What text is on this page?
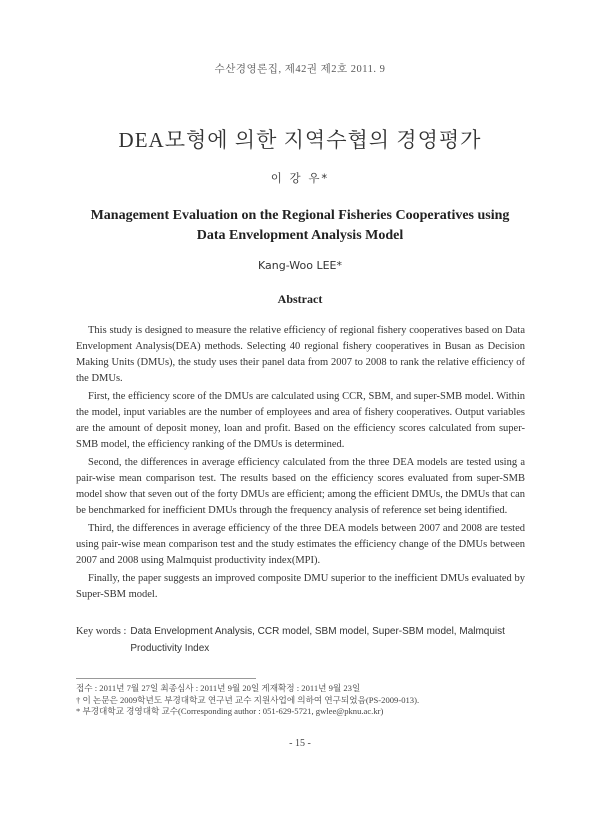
수산경영론집, 제42권 제2호 2011. 9
DEA모형에 의한 지역수협의 경영평가
이 강 우*
Management Evaluation on the Regional Fisheries Cooperatives using
Data Envelopment Analysis Model
Kang-Woo LEE*
Abstract

This study is designed to measure the relative efficiency of regional fishery cooperatives based on Data Envelopment Analysis(DEA) methods. Selecting 40 regional fishery cooperatives in Busan as Decision Making Units (DMUs), the study uses their panel data from 2007 to 2008 to rank the relative efficiency of the DMUs.

First, the efficiency score of the DMUs are calculated using CCR, SBM, and super-SMB model. Within the model, input variables are the number of employees and area of fishery cooperatives. Output variables are the amount of deposit money, loan and profit. Based on the efficiency scores calculated from super-SMB model, the efficiency ranking of the DMUs is determined.

Second, the differences in average efficiency calculated from the three DEA models are tested using a pair-wise mean comparison test. The results based on the efficiency scores evaluated from super-SMB model show that seven out of the forty DMUs are efficient; among the efficient DMUs, the DMUs that can be benchmarked for inefficient DMUs through the frequency analysis of reference set being identified.

Third, the differences in average efficiency of the three DEA models between 2007 and 2008 are tested using pair-wise mean comparison test and the study estimates the efficiency change of the DMUs between 2007 and 2008 using Malmquist productivity index(MPI).

Finally, the paper suggests an improved composite DMU superior to the inefficient DMUs evaluated by Super-SBM model.

Key words : Data Envelopment Analysis, CCR model, SBM model, Super-SBM model, Malmquist Productivity Index
접수 : 2011년 7월 27일 최종심사 : 2011년 9월 20일 게재확정 : 2011년 9월 23일
† 이 논문은 2009학년도 부경대학교 연구년 교수 지원사업에 의하여 연구되었음(PS-2009-013).
* 부경대학교 경영대학 교수(Corresponding author : 051-629-5721, gwlee@pknu.ac.kr)
- 15 -
